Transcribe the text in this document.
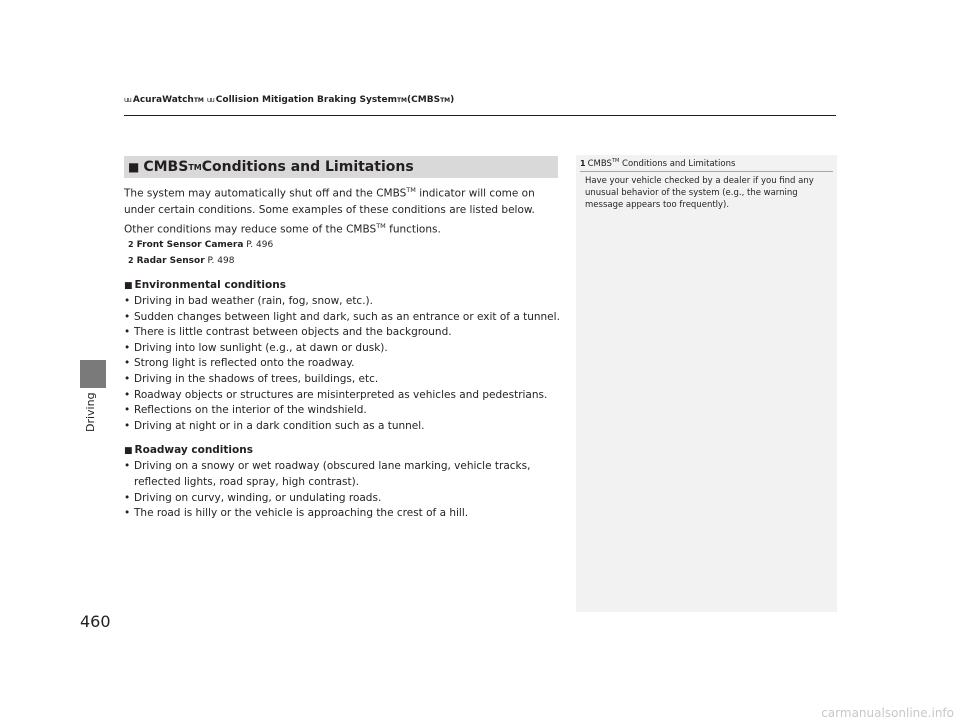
uu AcuraWatch TM uu Collision Mitigation Braking System TM (CMBS TM )
Driving
460
■ CMBS TM Conditions and Limitations

The system may automatically shut off and the CMBS™ indicator will come on under certain conditions. Some examples of these conditions are listed below. Other conditions may reduce some of the CMBS™ functions.

2 Front Sensor Camera P. 496
2 Radar Sensor P. 498
■ Environmental conditions
• Driving in bad weather (rain, fog, snow, etc.).
• Sudden changes between light and dark, such as an entrance or exit of a tunnel.
• There is little contrast between objects and the background.
• Driving into low sunlight (e.g., at dawn or dusk).
• Strong light is reflected onto the roadway.
• Driving in the shadows of trees, buildings, etc.
• Roadway objects or structures are misinterpreted as vehicles and pedestrians.
• Reflections on the interior of the windshield.
• Driving at night or in a dark condition such as a tunnel.
■ Roadway conditions
• Driving on a snowy or wet roadway (obscured lane marking, vehicle tracks, reflected lights, road spray, high contrast).
• Driving on curvy, winding, or undulating roads.
• The road is hilly or the vehicle is approaching the crest of a hill.
1 CMBS™ Conditions and Limitations
Have your vehicle checked by a dealer if you find any unusual behavior of the system (e.g., the warning message appears too frequently).
carmanualsonline.info
